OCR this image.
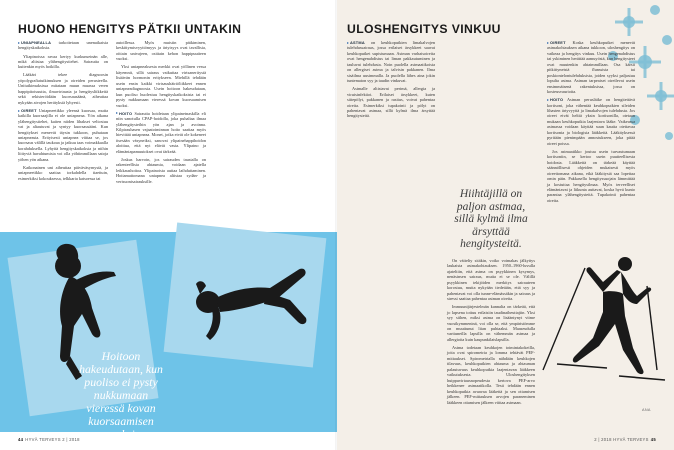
HUONO HENGITYS PÄTKII UNTAKIN

UNIAPNEALLA tarkoitetaan unenaikaisia hengityskatkoksia.

Yliapinoissa ravaa kertyy kurkunseinän alle, mikä altistaa ylähengitystiehet. Sairautta on kuitenkin myös hoikilla.

Lääkäri tekee diagnoosin yöpolygrafiatutkimuksen ja oireiden perusteella. Unitutkimuksissa mitataan muun muassa veren happipitoisuutta, ilmavirtausta ja hengitysliikkeitä sekä rekisteröidään kuorsausäänä, aiheuttaa nykyään aivojen herätyksiä lyhyesti.

OIREET Uniapneetikko yleensä kuorsaa, mutta kaikilla kuorsaajilla ei ole uniapneaa. Yön aikana ylähengitystiehet, kaiten niiden lihakset veltostuu vat ja altautuvat ja syntyy kuorsausääni. Kun hengitykset menevät täysin tukkoon, puhutaan uniapneasta. Erityisesti uniapnea viittaa se, jos kuorsaus välillä taukoaa ja jatkuu taas voimakkaalla korahduksella. Lyhyitä hengityskatkoksia ja niihin liittyviä havahtumisia voi olla yöhtimmillaan satoja yöhen yön aikana.

Katkonainen uni aiheuttaa päiväväsymystä, ja uniapneetikko saattaa torkahdella tiaettuin, esimerkiksi kokouksessa, telkkaria katsoessa tai

autoillessa. Myös muistin pätkiminen, keskittymisvyyttömyys ja ärtyisyys ovat tavallisia, oittain univajeen, osittain kehon happipuutteen vuoksi.

Yksi uniapneaksesta merkki ovat yöllinen vessa käyemnit, sillä sairaus vaikuttaa virtsaneritystä lisäävän hormonin eritykseen. Miehillä tehdään usein ensin kaikki virtsaushäiriöliikkeet ennen uniapneadiagnoosia. Usein hoitoon hakeudutaan, kun puoliso huolestuu hengityskatkoksista tai ei pysty nukkumaan vieressä kovan kuorsaamisen vuoksi.

HOITO Sairautta hoidetaan ylipainetnaskilla eli niin sanotulla CPAP-hoidolla, joka puhaltaa ilmaa ylähengitysteihin yön ajan ja avoinna. Kilpirauhasen vajaatoiminnan hoito saattaa myös hievittää uniapneaa. Monet, jotka eivät ole kokeneet itsesään väsyneiksi, sanovat ylipainehappihoidon aloittua, että nyt elävät vasta. Ylipaino ja elämäntapamuutokset ovat tärkeää.

Joskus harvoin, jos sairauden taustalla on rakenteellisia ahtaumia, voidaan ajatella leikkaushoitoa. Ylipainoista auttaa laihduttaminen. Hoitamattomana uniapnea altistaa sydän- ja verisuonisairauksille.

Hoitoon hakeudutaan, kun puoliso ei pysty nukkumaan vieressä kovan kuorsaamisen vuoksi.
44 HYVÄ TERVEYS 2 | 2018
ULOSHENGITYS VINKUU

ASTMA on keuhkoputkien limakalvojen tulehdussairaus, jossa erilaiset ärsykkeet saavat keuhkoputket supistumaan. Astman varhaisoireita ovat hengenahdistus tai liman pakkautuminen ja tauluvat tulehdusta. Noin puolella astmaatikoista on allergiset astma ja talvisin pakkanen. Ilma sisäilma uusimmalla. Ja puolella lähes aina jokin tuntematon syy ja taudin vinkuvat.

Astmalle altistavat perimä, allergia ja viruisinfektiot. Erilaiset ärsykkeet, kuten siitepölyt, pakkanen ja rasitus, voivat pahentaa oireita. Esimerkiksi tupakointi ja pölyt on pahentavat astmaa, sillä kylmä ilma ärsyttää hengitysteitä.

Hiihtäjillä on paljon astmaa, sillä kylmä ilma ärsyttää hengitysteitä.

On väitelty sitäkin, voiko voimakas jälkyttys laukaista astmakohtauksen. 1950–1960-luvulla ajateltiin, että astma on psyykkinen kysymys, nenäsinsen sairaus, mutta ei se ole. Välillä psyykkinen tekijöiden merkitys sairauteen korostuu, mutta nykyään tiedetään, että syy ja pahentavat voi olla tunne-elämässäkin ja sairaus ja stressi saattaa pahentaa astman oireita.

Immuunijärjestelmän kannalta on tärkeää, että jo lapsena tottuu erilaisiin taudinaiheuttajiin. Yksi syy siihen, miksi astma on lisääntynyt viime vuosikymmeninä, voi olla se, että ympäristömme on muuttunut liian puhtaaksi. Maaseudulla varttuneilla lapsilla on vähemmän astmaa ja allergioita kuin kaupunkilaislapsilla.

Astma todetaan keuhkojen toimintakokeilla, joita ovat spirometria ja lomma tehtävät PEF-mittaukset. Spirometrialla nähdään keuhkojen tilavuus, keuhkoputkien ahtauma ja ahtauman palautuvuus keuhkoputkia laajentavan lääkkeen vaikutuksesta. Uloshengityksen huippuvirtausnopeudesta kertova PEF-arvo heikkenee astmaatikolla. Testi tehdään ennen keuhkoputkia avaavaa lääkettä ja sen ottamisen jälkeen. PEF-mittauksen arvojen paraneminen lääkkeen ottamisen jälkeen viittaa astmaan.

OIREET Koska keuhkoputket menevät astmakohtauksen aikana tukkoon, uloshengitys on vaikeaa ja hengitys vinkuu. Usein hengenahdistus tai yskiminen herättää aamuyöstä, kun hengitysteet ovat muutenkin ahtaimmillaan. Osa kärsii pitkittyneistä flunssista tai poskiontelontulehduksista, joiden syyksi paljastuu lopulta astma. Astman tarpeaiset oireilevat usein ensimmäisenä rakentuksissa, jossa on kosteusvaurioita.

HOITO Astman perusläike on hengitettävä kortisoni, joka vähentää keuhkoputkien sileiden lihasten ärtyvyyttä ja limakalvojen tulehdusta. Jos oireet eivät heltiä yksin kortisonilla, otetaan mukaan keuhkoputkia laajentava lääke. Vaikeassa astmassa voidaan käyttää suun kautta otettavaa kortisonia ja biologisia lääkkeitä. Lääkityksessä pyritään pienimpään annostukseen, joka pitää oireet poissa.

Jos astmaatikko joutuu usein turvautumaan kortisoniin, se kertoo usein puutteellisesta hoidosta. Lääkkeitä on tärkeää käyttää säännöllisesti ohjeiden mukaisesti myös oireettomana aikana, eikä lääkitystä saa lopettaa omin päin. Pakkasella hengityssuojain lämmittää ja kostuttaa hengitysilmaa. Myös terveelliset elämäntavat ja liikunta auttavat, koska hyvä kunto parantaa ylähengitysteitä. Tupakointi pahentaa oireita.

ANA
2 | 2018 HYVÄ TERVEYS 45
